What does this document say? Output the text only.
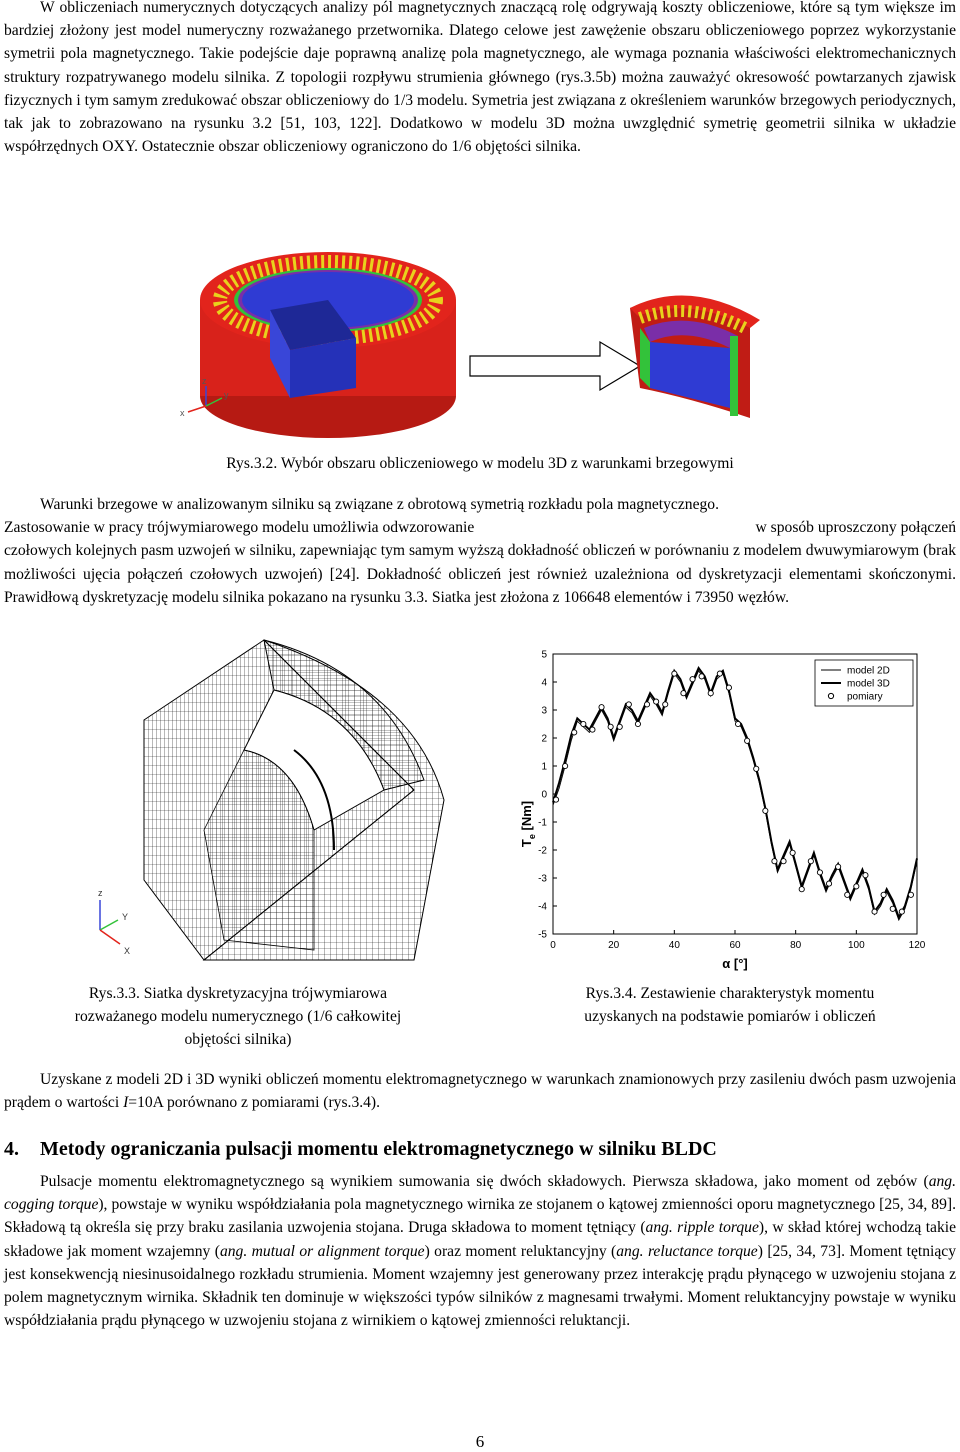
W obliczeniach numerycznych dotyczących analizy pól magnetycznych znaczącą rolę odgrywają koszty obliczeniowe, które są tym większe im bardziej złożony jest model numeryczny rozważanego przetwornika. Dlatego celowe jest zawężenie obszaru obliczeniowego poprzez wykorzystanie symetrii pola magnetycznego. Takie podejście daje poprawną analizę pola magnetycznego, ale wymaga poznania właściwości elektromechanicznych struktury rozpatrywanego modelu silnika. Z topologii rozpływu strumienia głównego (rys.3.5b) można zauważyć okresowość powtarzanych zjawisk fizycznych i tym samym zredukować obszar obliczeniowy do 1/3 modelu. Symetria jest związana z określeniem warunków brzegowych periodycznych, tak jak to zobrazowano na rysunku 3.2 [51, 103, 122]. Dodatkowo w modelu 3D można uwzględnić symetrię geometrii silnika w układzie współrzędnych OXY. Ostatecznie obszar obliczeniowy ograniczono do 1/6 objętości silnika.

z
y
x
Rys.3.2. Wybór obszaru obliczeniowego w modelu 3D z warunkami brzegowymi
Warunki brzegowe w analizowanym silniku są związane z obrotową symetrią rozkładu pola magnetycznego.
Zastosowanie w pracy trójwymiarowego modelu umożliwia odwzorowanie	w sposób uproszczony połączeń
czołowych kolejnych pasm uzwojeń w silniku, zapewniając tym samym wyższą dokładność obliczeń w porównaniu z modelem dwuwymiarowym (brak możliwości ujęcia połączeń czołowych uzwojeń) [24]. Dokładność obliczeń jest również uzależniona od dyskretyzacji elementami skończonymi. Prawidłową dyskretyzację modelu silnika pokazano na rysunku 3.3. Siatka jest złożona z 106648 elementów i 73950 węzłów.
z
Y
X
$T_e$ [Nm]
0	20	40	60	80	100	120
5
4
3
2
1
0
-1
-2
-3
-4
-5
model 2D
model 3D
pomiary
α [°]
Rys.3.3. Siatka dyskretyzacyjna trójwymiarowa
rozważanego modelu numerycznego (1/6 całkowitej
objętości silnika)
Rys.3.4. Zestawienie charakterystyk momentu
uzyskanych na podstawie pomiarów i obliczeń

Uzyskane z modeli 2D i 3D wyniki obliczeń momentu elektromagnetycznego w warunkach znamionowych przy zasileniu dwóch pasm uzwojenia prądem o wartości I=10A porównano z pomiarami (rys.3.4).

4. Metody ograniczania pulsacji momentu elektromagnetycznego w silniku BLDC

Pulsacje momentu elektromagnetycznego są wynikiem sumowania się dwóch składowych. Pierwsza składowa, jako moment od zębów (ang. cogging torque), powstaje w wyniku współdziałania pola magnetycznego wirnika ze stojanem o kątowej zmienności oporu magnetycznego [25, 34, 89]. Składową tą określa się przy braku zasilania uzwojenia stojana. Druga składowa to moment tętniący (ang. ripple torque), w skład której wchodzą takie składowe jak moment wzajemny (ang. mutual or alignment torque) oraz moment reluktancyjny (ang. reluctance torque) [25, 34, 73]. Moment tętniący jest konsekwencją niesinusoidalnego rozkładu strumienia. Moment wzajemny jest generowany przez interakcję prądu płynącego w uzwojeniu stojana z polem magnetycznym wirnika. Składnik ten dominuje w większości typów silników z magnesami trwałymi. Moment reluktancyjny powstaje w wyniku współdziałania prądu płynącego w uzwojeniu stojana z wirnikiem o kątowej zmienności reluktancji.

6
